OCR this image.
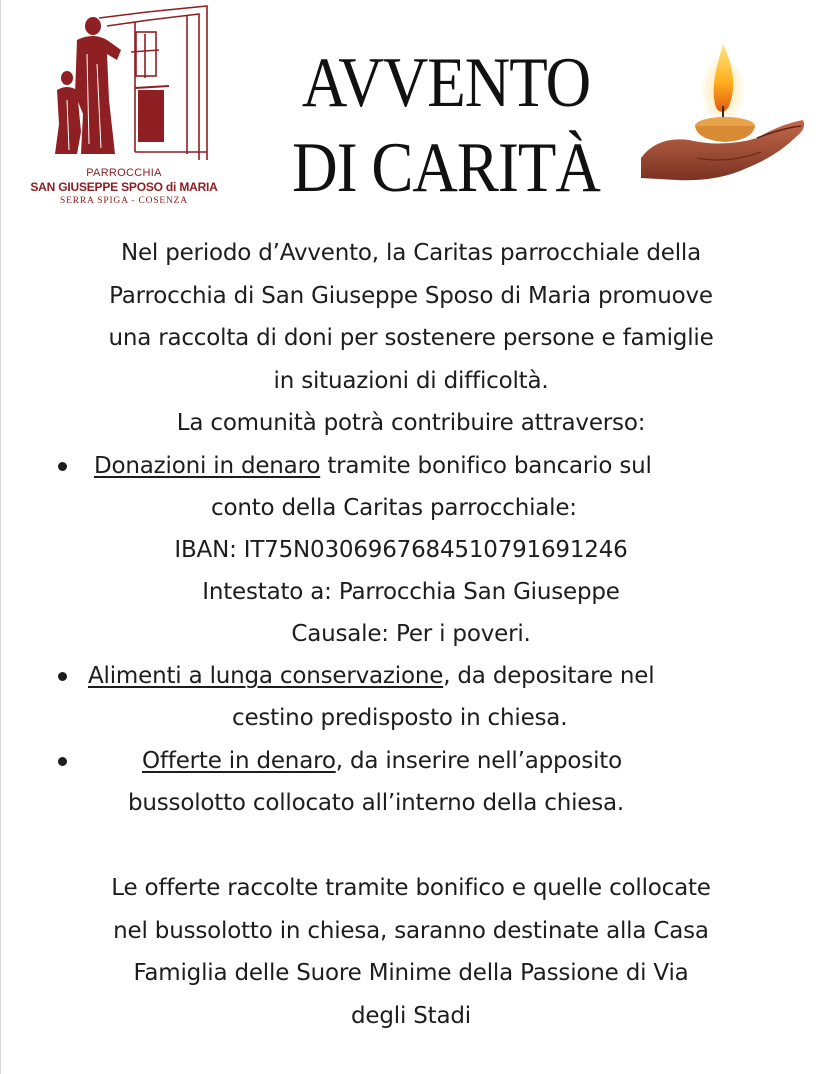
PARROCCHIA
SAN GIUSEPPE SPOSO di MARIA
SERRA SPIGA - COSENZA
AVVENTO
DI CARITÀ
Nel periodo d’Avvento, la Caritas parrocchiale della
Parrocchia di San Giuseppe Sposo di Maria promuove
una raccolta di doni per sostenere persone e famiglie
in situazioni di difficoltà.
La comunità potrà contribuire attraverso:
Donazioni in denaro tramite bonifico bancario sul
conto della Caritas parrocchiale:
IBAN: IT75N0306967684510791691246
Intestato a: Parrocchia San Giuseppe
Causale: Per i poveri.
Alimenti a lunga conservazione, da depositare nel
cestino predisposto in chiesa.
Offerte in denaro, da inserire nell’apposito
bussolotto collocato all’interno della chiesa.
Le offerte raccolte tramite bonifico e quelle collocate
nel bussolotto in chiesa, saranno destinate alla Casa
Famiglia delle Suore Minime della Passione di Via
degli Stadi
